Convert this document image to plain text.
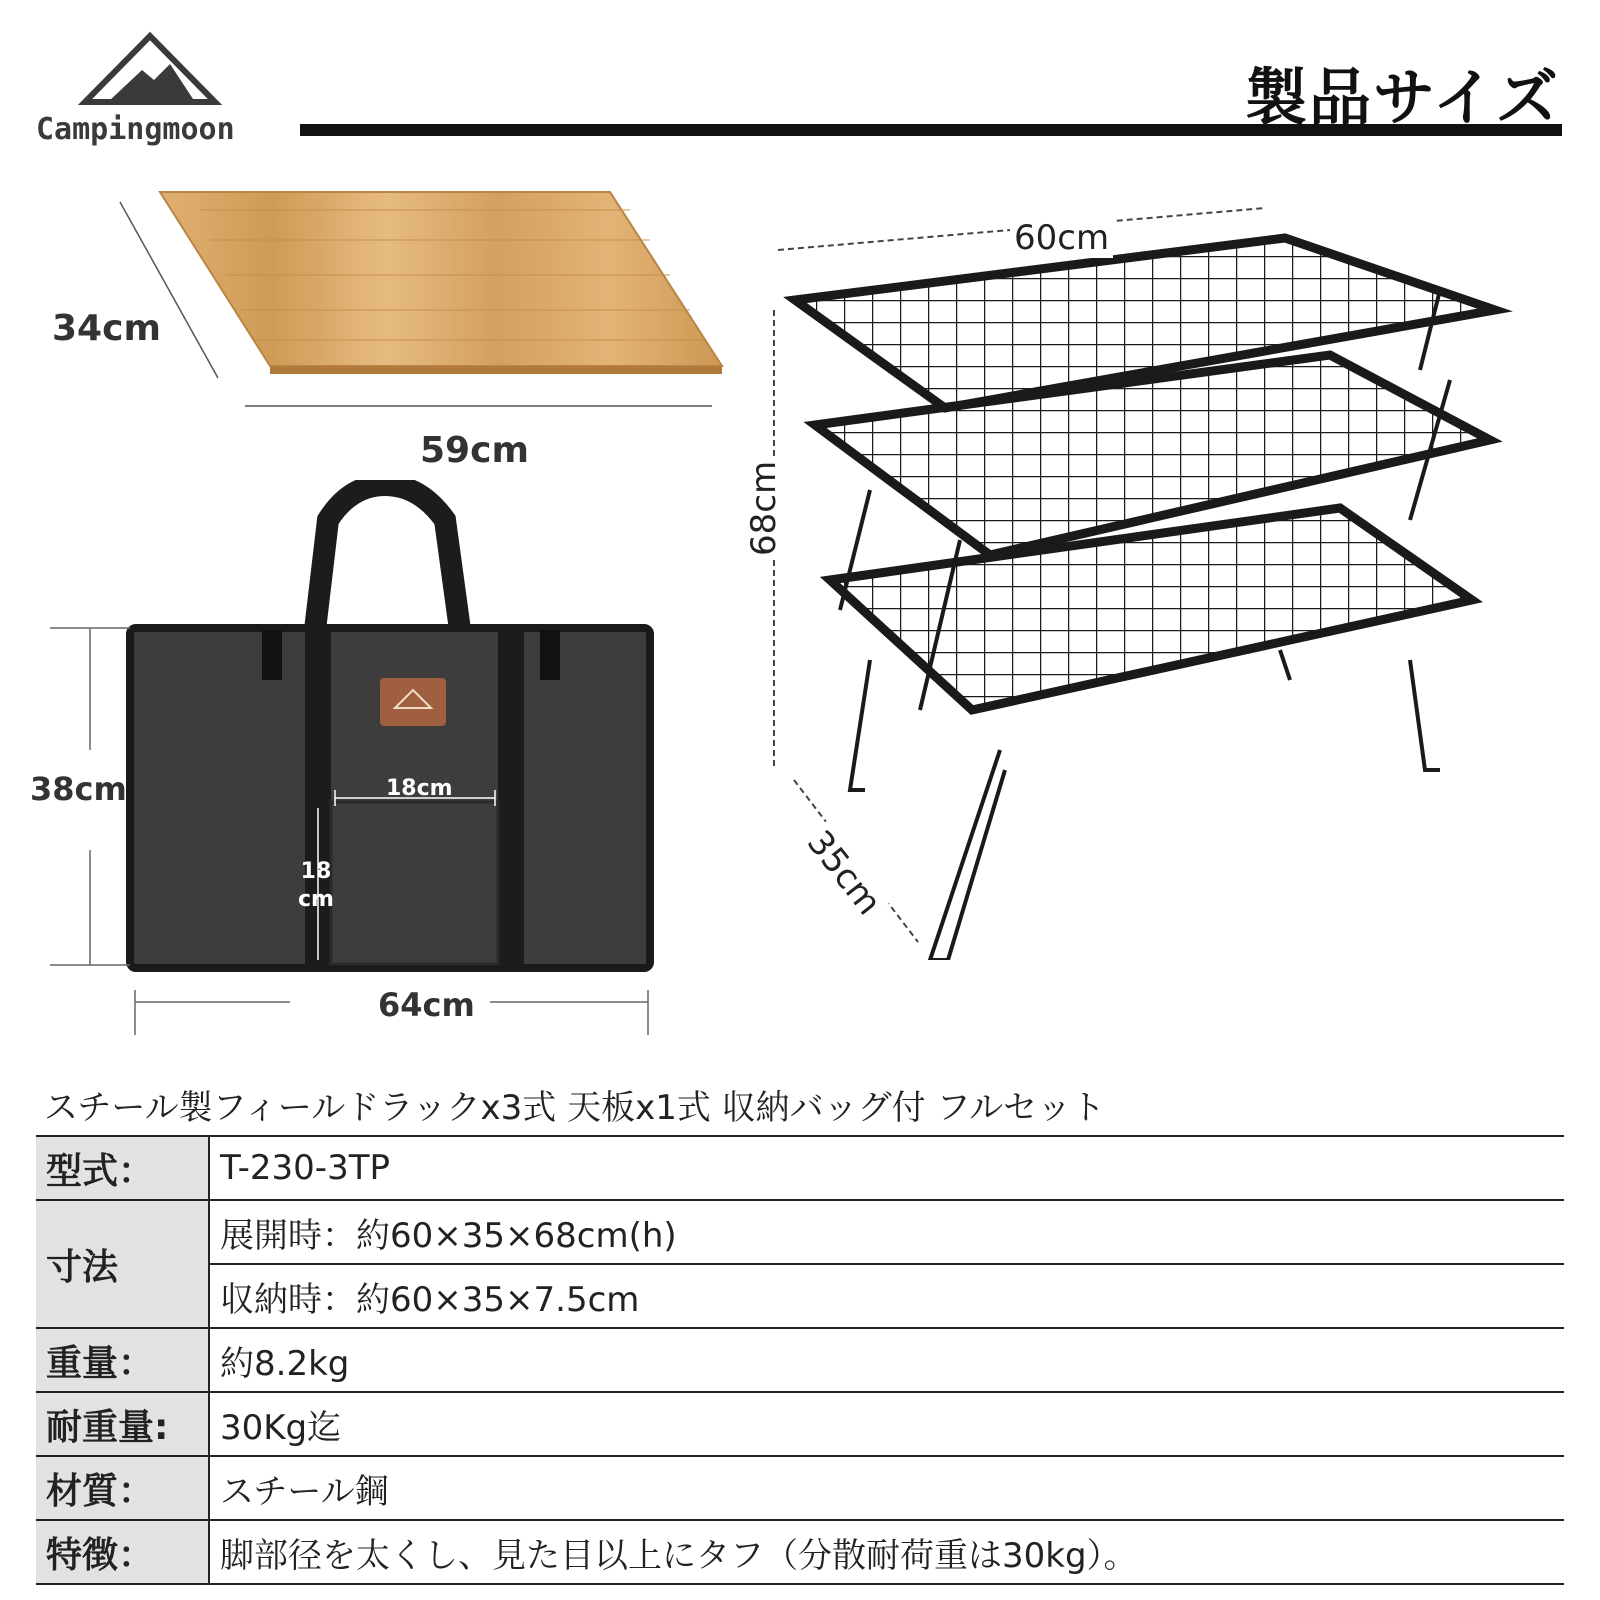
Campingmoon	製品サイズ
34cm
59cm
38cm
64cm
18cm
18
cm
60cm
68cm
35cm
スチール製フィールドラックx3式 天板x1式 収納バッグ付 フルセット
型式：	T-230-3TP
寸法	展開時：約60×35×68cm(h)
	収納時：約60×35×7.5cm
重量：	約8.2kg
耐重量:	30Kg迄
材質：	スチール鋼
特徴：	脚部径を太くし、見た目以上にタフ（分散耐荷重は30kg）。
